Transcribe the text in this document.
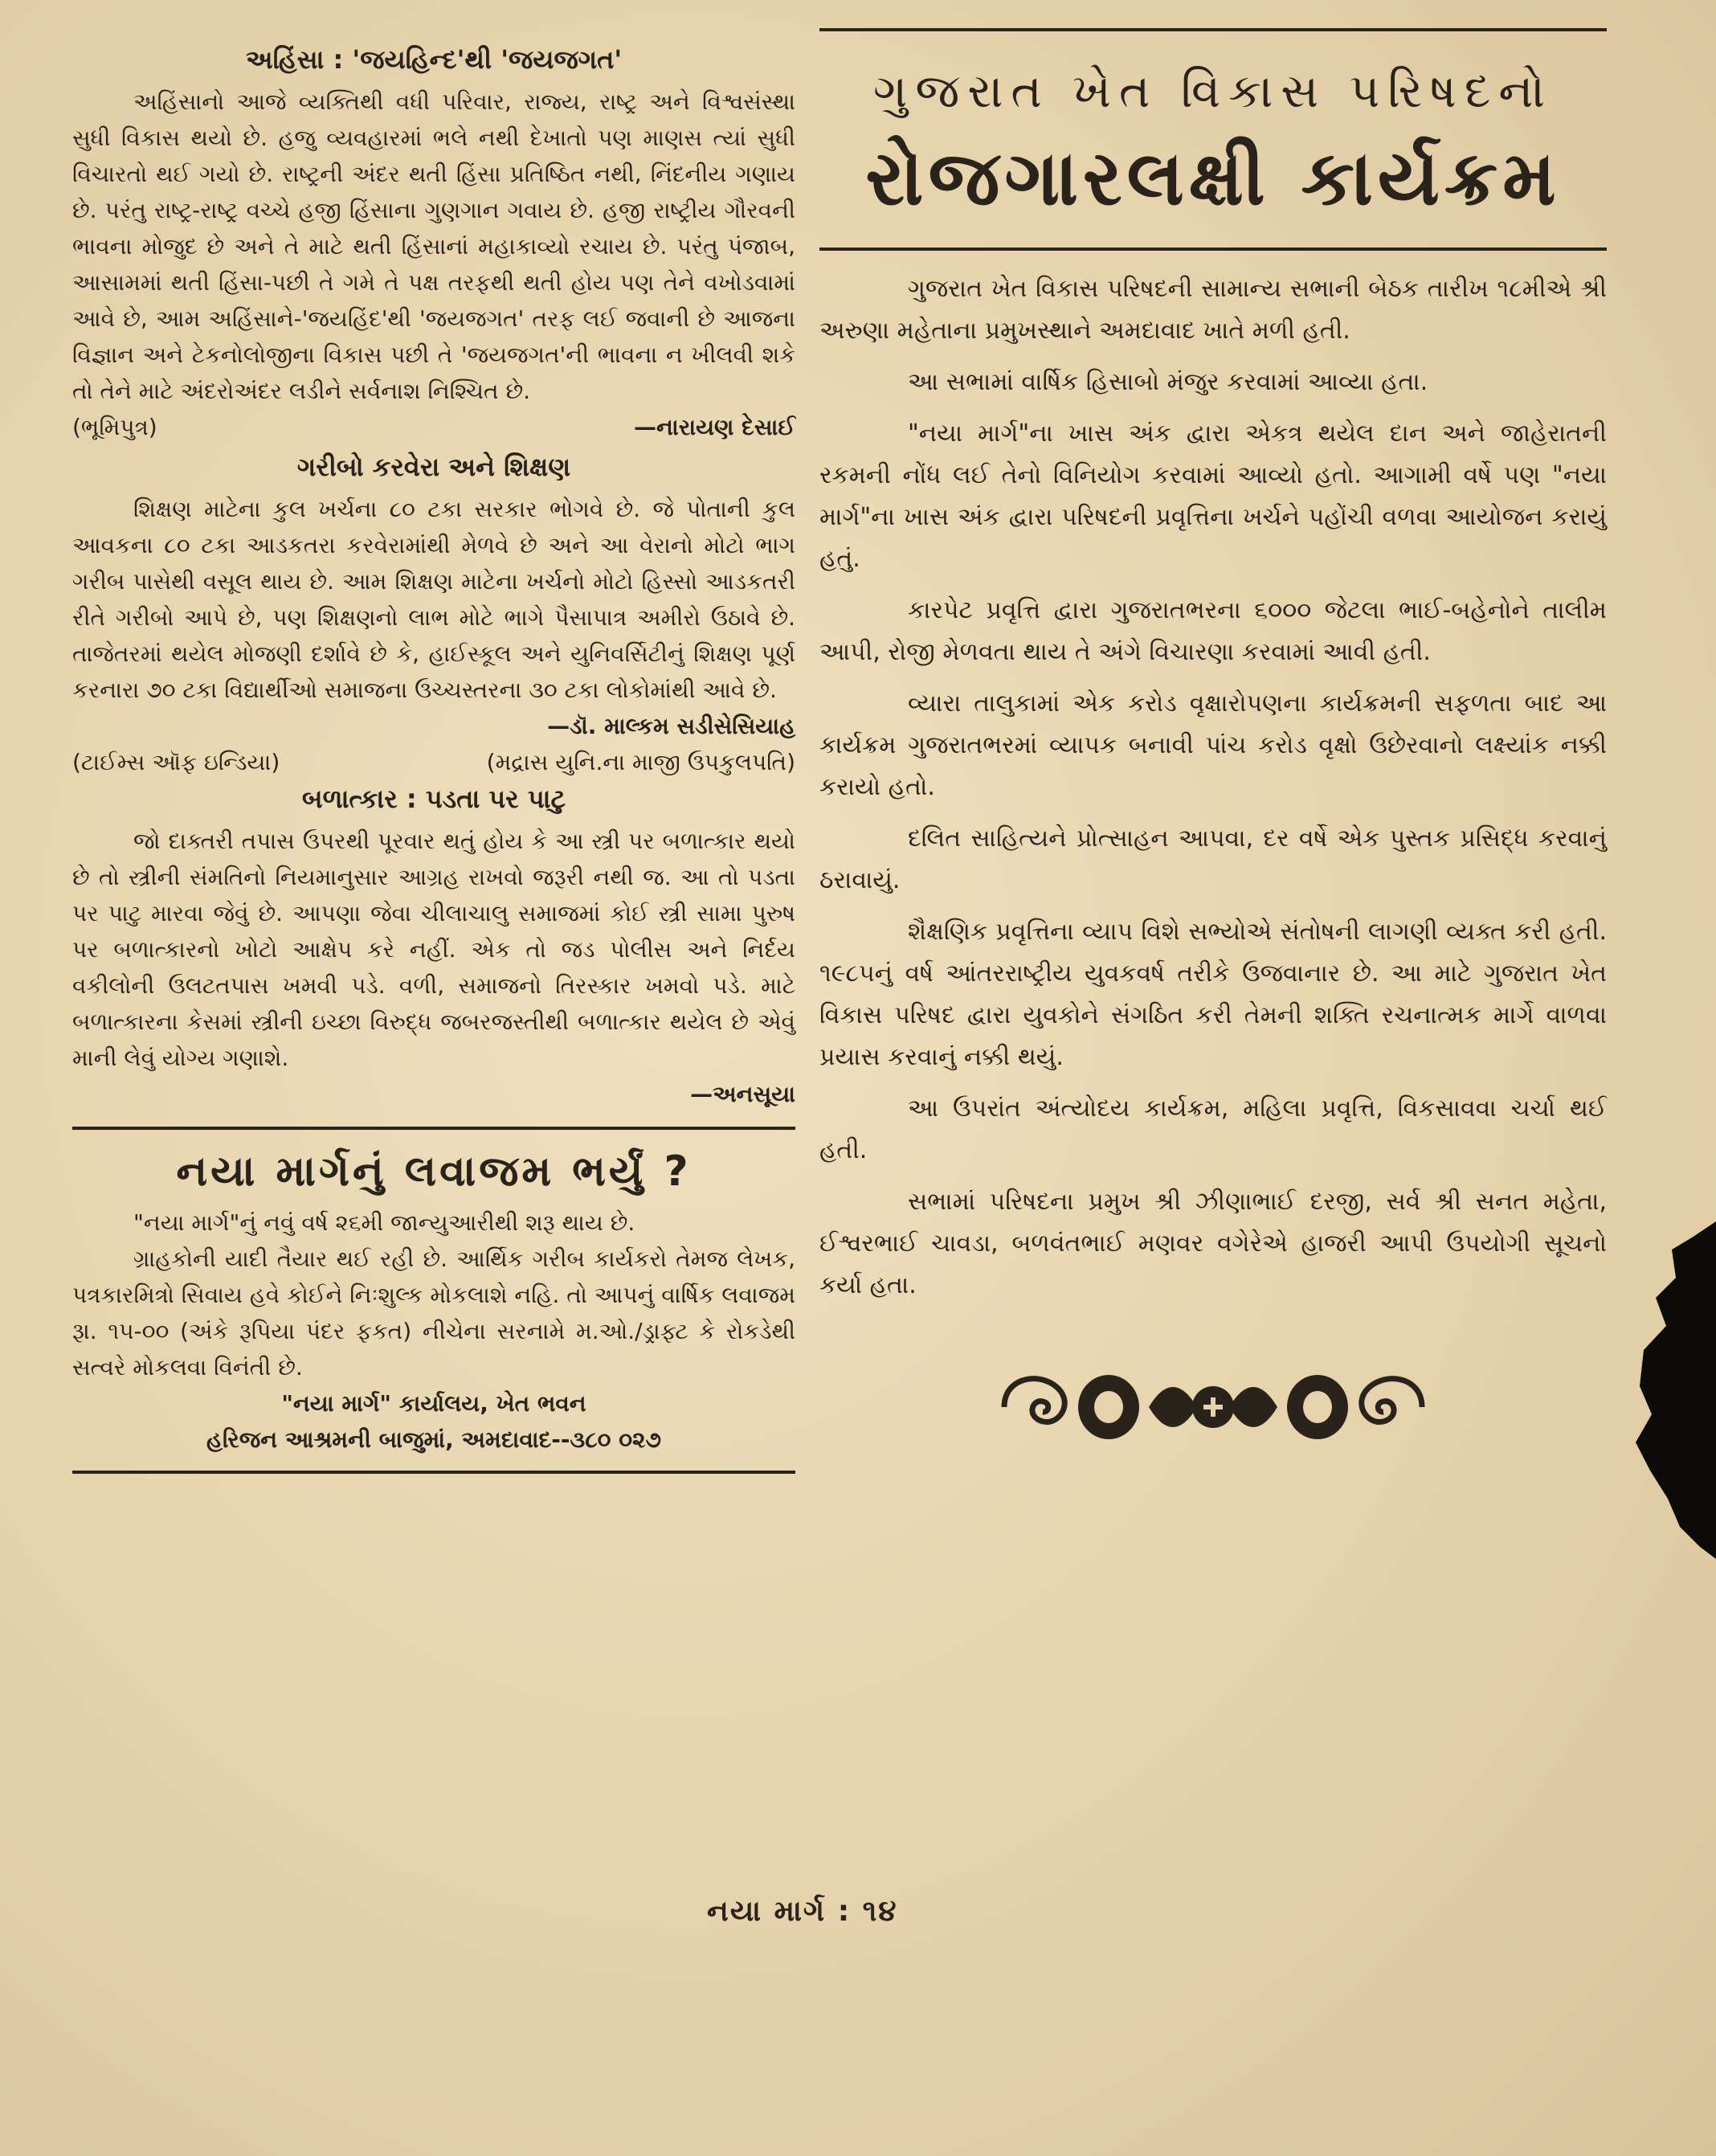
અહિંસા : 'જયહિન્દ'થી 'જયજગત'

અહિંસાનો આજે વ્યક્તિથી વધી પરિવાર, રાજ્ય, રાષ્ટ્ર અને વિશ્વસંસ્થા સુધી વિકાસ થયો છે. હજુ વ્યવહારમાં ભલે નથી દેખાતો પણ માણસ ત્યાં સુધી વિચારતો થઈ ગયો છે. રાષ્ટ્રની અંદર થતી હિંસા પ્રતિષ્ઠિત નથી, નિંદનીય ગણાય છે. પરંતુ રાષ્ટ્ર-રાષ્ટ્ર વચ્ચે હજી હિંસાના ગુણગાન ગવાય છે. હજી રાષ્ટ્રીય ગૌરવની ભાવના મોજુદ છે અને તે માટે થતી હિંસાનાં મહાકાવ્યો રચાય છે. પરંતુ પંજાબ, આસામમાં થતી હિંસા-પછી તે ગમે તે પક્ષ તરફથી થતી હોય પણ તેને વખોડવામાં આવે છે, આમ અહિંસાને-'જયહિંદ'થી 'જયજગત' તરફ લઈ જવાની છે આજના વિજ્ઞાન અને ટેકનોલોજીના વિકાસ પછી તે 'જયજગત'ની ભાવના ન ખીલવી શકે તો તેને માટે અંદરોઅંદર લડીને સર્વનાશ નિશ્ચિત છે.

(ભૂમિપુત્ર)	—નારાયણ દેસાઈ
ગરીબો કરવેરા અને શિક્ષણ

શિક્ષણ માટેના કુલ ખર્ચના ૮૦ ટકા સરકાર ભોગવે છે. જે પોતાની કુલ આવકના ૮૦ ટકા આડકતરા કરવેરામાંથી મેળવે છે અને આ વેરાનો મોટો ભાગ ગરીબ પાસેથી વસૂલ થાય છે. આમ શિક્ષણ માટેના ખર્ચનો મોટો હિસ્સો આડકતરી રીતે ગરીબો આપે છે, પણ શિક્ષણનો લાભ મોટે ભાગે પૈસાપાત્ર અમીરો ઉઠાવે છે. તાજેતરમાં થયેલ મોજણી દર્શાવે છે કે, હાઈસ્કૂલ અને યુનિવર્સિટીનું શિક્ષણ પૂર્ણ કરનારા ૭૦ ટકા વિદ્યાર્થીઓ સમાજના ઉચ્ચસ્તરના ૩૦ ટકા લોકોમાંથી આવે છે.

—ડૉ. માલ્કમ સડીસેસિયાહ
(ટાઈમ્સ ઑફ ઇન્ડિયા)	(મદ્રાસ યુનિ.ના માજી ઉપકુલપતિ)
બળાત્કાર : પડતા પર પાટુ

જો દાક્તરી તપાસ ઉપરથી પૂરવાર થતું હોય કે આ સ્ત્રી પર બળાત્કાર થયો છે તો સ્ત્રીની સંમતિનો નિયમાનુસાર આગ્રહ રાખવો જરૂરી નથી જ. આ તો પડતા પર પાટુ મારવા જેવું છે. આપણા જેવા ચીલાચાલુ સમાજમાં કોઈ સ્ત્રી સામા પુરુષ પર બળાત્કારનો ખોટો આક્ષેપ કરે નહીં. એક તો જડ પોલીસ અને નિર્દય વકીલોની ઉલટતપાસ ખમવી પડે. વળી, સમાજનો તિરસ્કાર ખમવો પડે. માટે બળાત્કારના કેસમાં સ્ત્રીની ઇચ્છા વિરુદ્ધ જબરજસ્તીથી બળાત્કાર થયેલ છે એવું માની લેવું યોગ્ય ગણાશે.

—અનસૂયા
નયા માર્ગનું લવાજમ ભર્યું ?

"નયા માર્ગ"નું નવું વર્ષ ૨૬મી જાન્યુઆરીથી શરૂ થાય છે.

ગ્રાહકોની યાદી તૈયાર થઈ રહી છે. આર્થિક ગરીબ કાર્યકરો તેમજ લેખક, પત્રકારમિત્રો સિવાય હવે કોઈને નિઃશુલ્ક મોકલાશે નહિ. તો આપનું વાર્ષિક લવાજમ રૂા. ૧૫-૦૦ (અંકે રૂપિયા પંદર ફકત) નીચેના સરનામે મ.ઓ./ડ્રાફ્ટ કે રોકડેથી સત્વરે મોકલવા વિનંતી છે.

"નયા માર્ગ" કાર્યાલય, ખેત ભવન
હરિજન આશ્રમની બાજુમાં, અમદાવાદ--૩૮૦ ૦૨૭
ગુજરાત ખેત વિકાસ પરિષદનો
રોજગારલક્ષી કાર્યક્રમ

ગુજરાત ખેત વિકાસ પરિષદની સામાન્ય સભાની બેઠક તારીખ ૧૮મીએ શ્રી અરુણા મહેતાના પ્રમુખસ્થાને અમદાવાદ ખાતે મળી હતી.

આ સભામાં વાર્ષિક હિસાબો મંજુર કરવામાં આવ્યા હતા.

"નયા માર્ગ"ના ખાસ અંક દ્વારા એકત્ર થયેલ દાન અને જાહેરાતની રકમની નોંધ લઈ તેનો વિનિયોગ કરવામાં આવ્યો હતો. આગામી વર્ષે પણ "નયા માર્ગ"ના ખાસ અંક દ્વારા પરિષદની પ્રવૃત્તિના ખર્ચને પહોંચી વળવા આયોજન કરાયું હતું.

કારપેટ પ્રવૃત્તિ દ્વારા ગુજરાતભરના ૬૦૦૦ જેટલા ભાઈ-બહેનોને તાલીમ આપી, રોજી મેળવતા થાય તે અંગે વિચારણા કરવામાં આવી હતી.

વ્યારા તાલુકામાં એક કરોડ વૃક્ષારોપણના કાર્યક્રમની સફળતા બાદ આ કાર્યક્રમ ગુજરાતભરમાં વ્યાપક બનાવી પાંચ કરોડ વૃક્ષો ઉછેરવાનો લક્ષ્યાંક નક્કી કરાયો હતો.

દલિત સાહિત્યને પ્રોત્સાહન આપવા, દર વર્ષે એક પુસ્તક પ્રસિદ્ધ કરવાનું ઠરાવાયું.

શૈક્ષણિક પ્રવૃત્તિના વ્યાપ વિશે સભ્યોએ સંતોષની લાગણી વ્યક્ત કરી હતી. ૧૯૮૫નું વર્ષ આંતરરાષ્ટ્રીય યુવકવર્ષ તરીકે ઉજવાનાર છે. આ માટે ગુજરાત ખેત વિકાસ પરિષદ દ્વારા યુવકોને સંગઠિત કરી તેમની શક્તિ રચનાત્મક માર્ગે વાળવા પ્રયાસ કરવાનું નક્કી થયું.

આ ઉપરાંત અંત્યોદય કાર્યક્રમ, મહિલા પ્રવૃત્તિ, વિકસાવવા ચર્ચા થઈ હતી.

સભામાં પરિષદના પ્રમુખ શ્રી ઝીણાભાઈ દરજી, સર્વ શ્રી સનત મહેતા, ઈશ્વરભાઈ ચાવડા, બળવંતભાઈ મણવર વગેરેએ હાજરી આપી ઉપયોગી સૂચનો કર્યા હતા.

નયા માર્ગ : ૧૪
